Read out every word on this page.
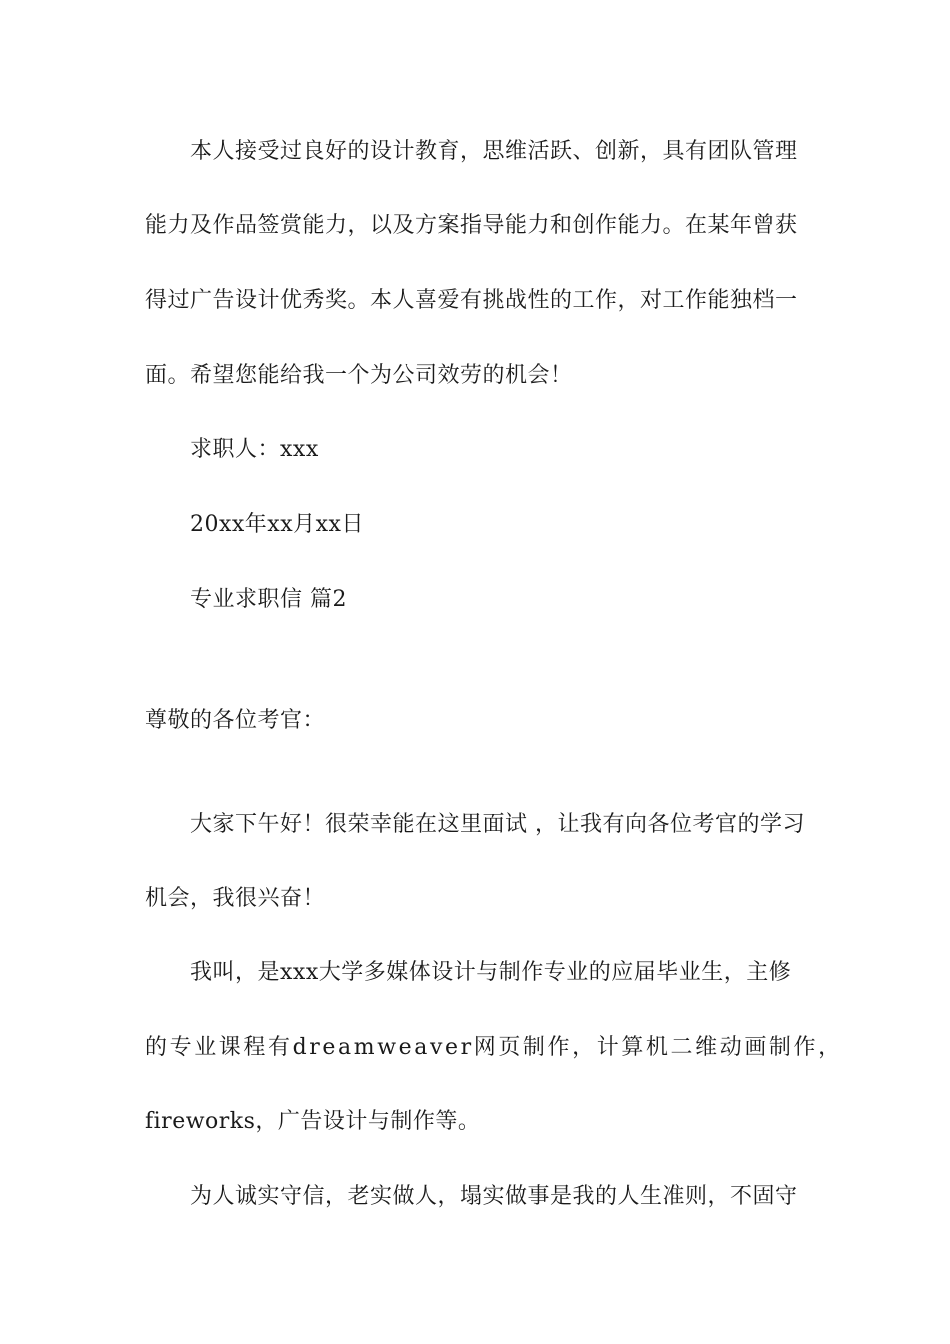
本人接受过良好的设计教育，思维活跃、创新，具有团队管理
能力及作品签赏能力，以及方案指导能力和创作能力。在某年曾获
得过广告设计优秀奖。本人喜爱有挑战性的工作，对工作能独档一
面。希望您能给我一个为公司效劳的机会！
求职人：xxx
20xx年xx月xx日
专业求职信 篇2
尊敬的各位考官：
大家下午好！很荣幸能在这里面试 ，让我有向各位考官的学习
机会，我很兴奋！
我叫，是xxx大学多媒体设计与制作专业的应届毕业生，主修
的专业课程有dreamweaver网页制作，计算机二维动画制作，
fireworks，广告设计与制作等。
为人诚实守信，老实做人，塌实做事是我的人生准则，不固守
